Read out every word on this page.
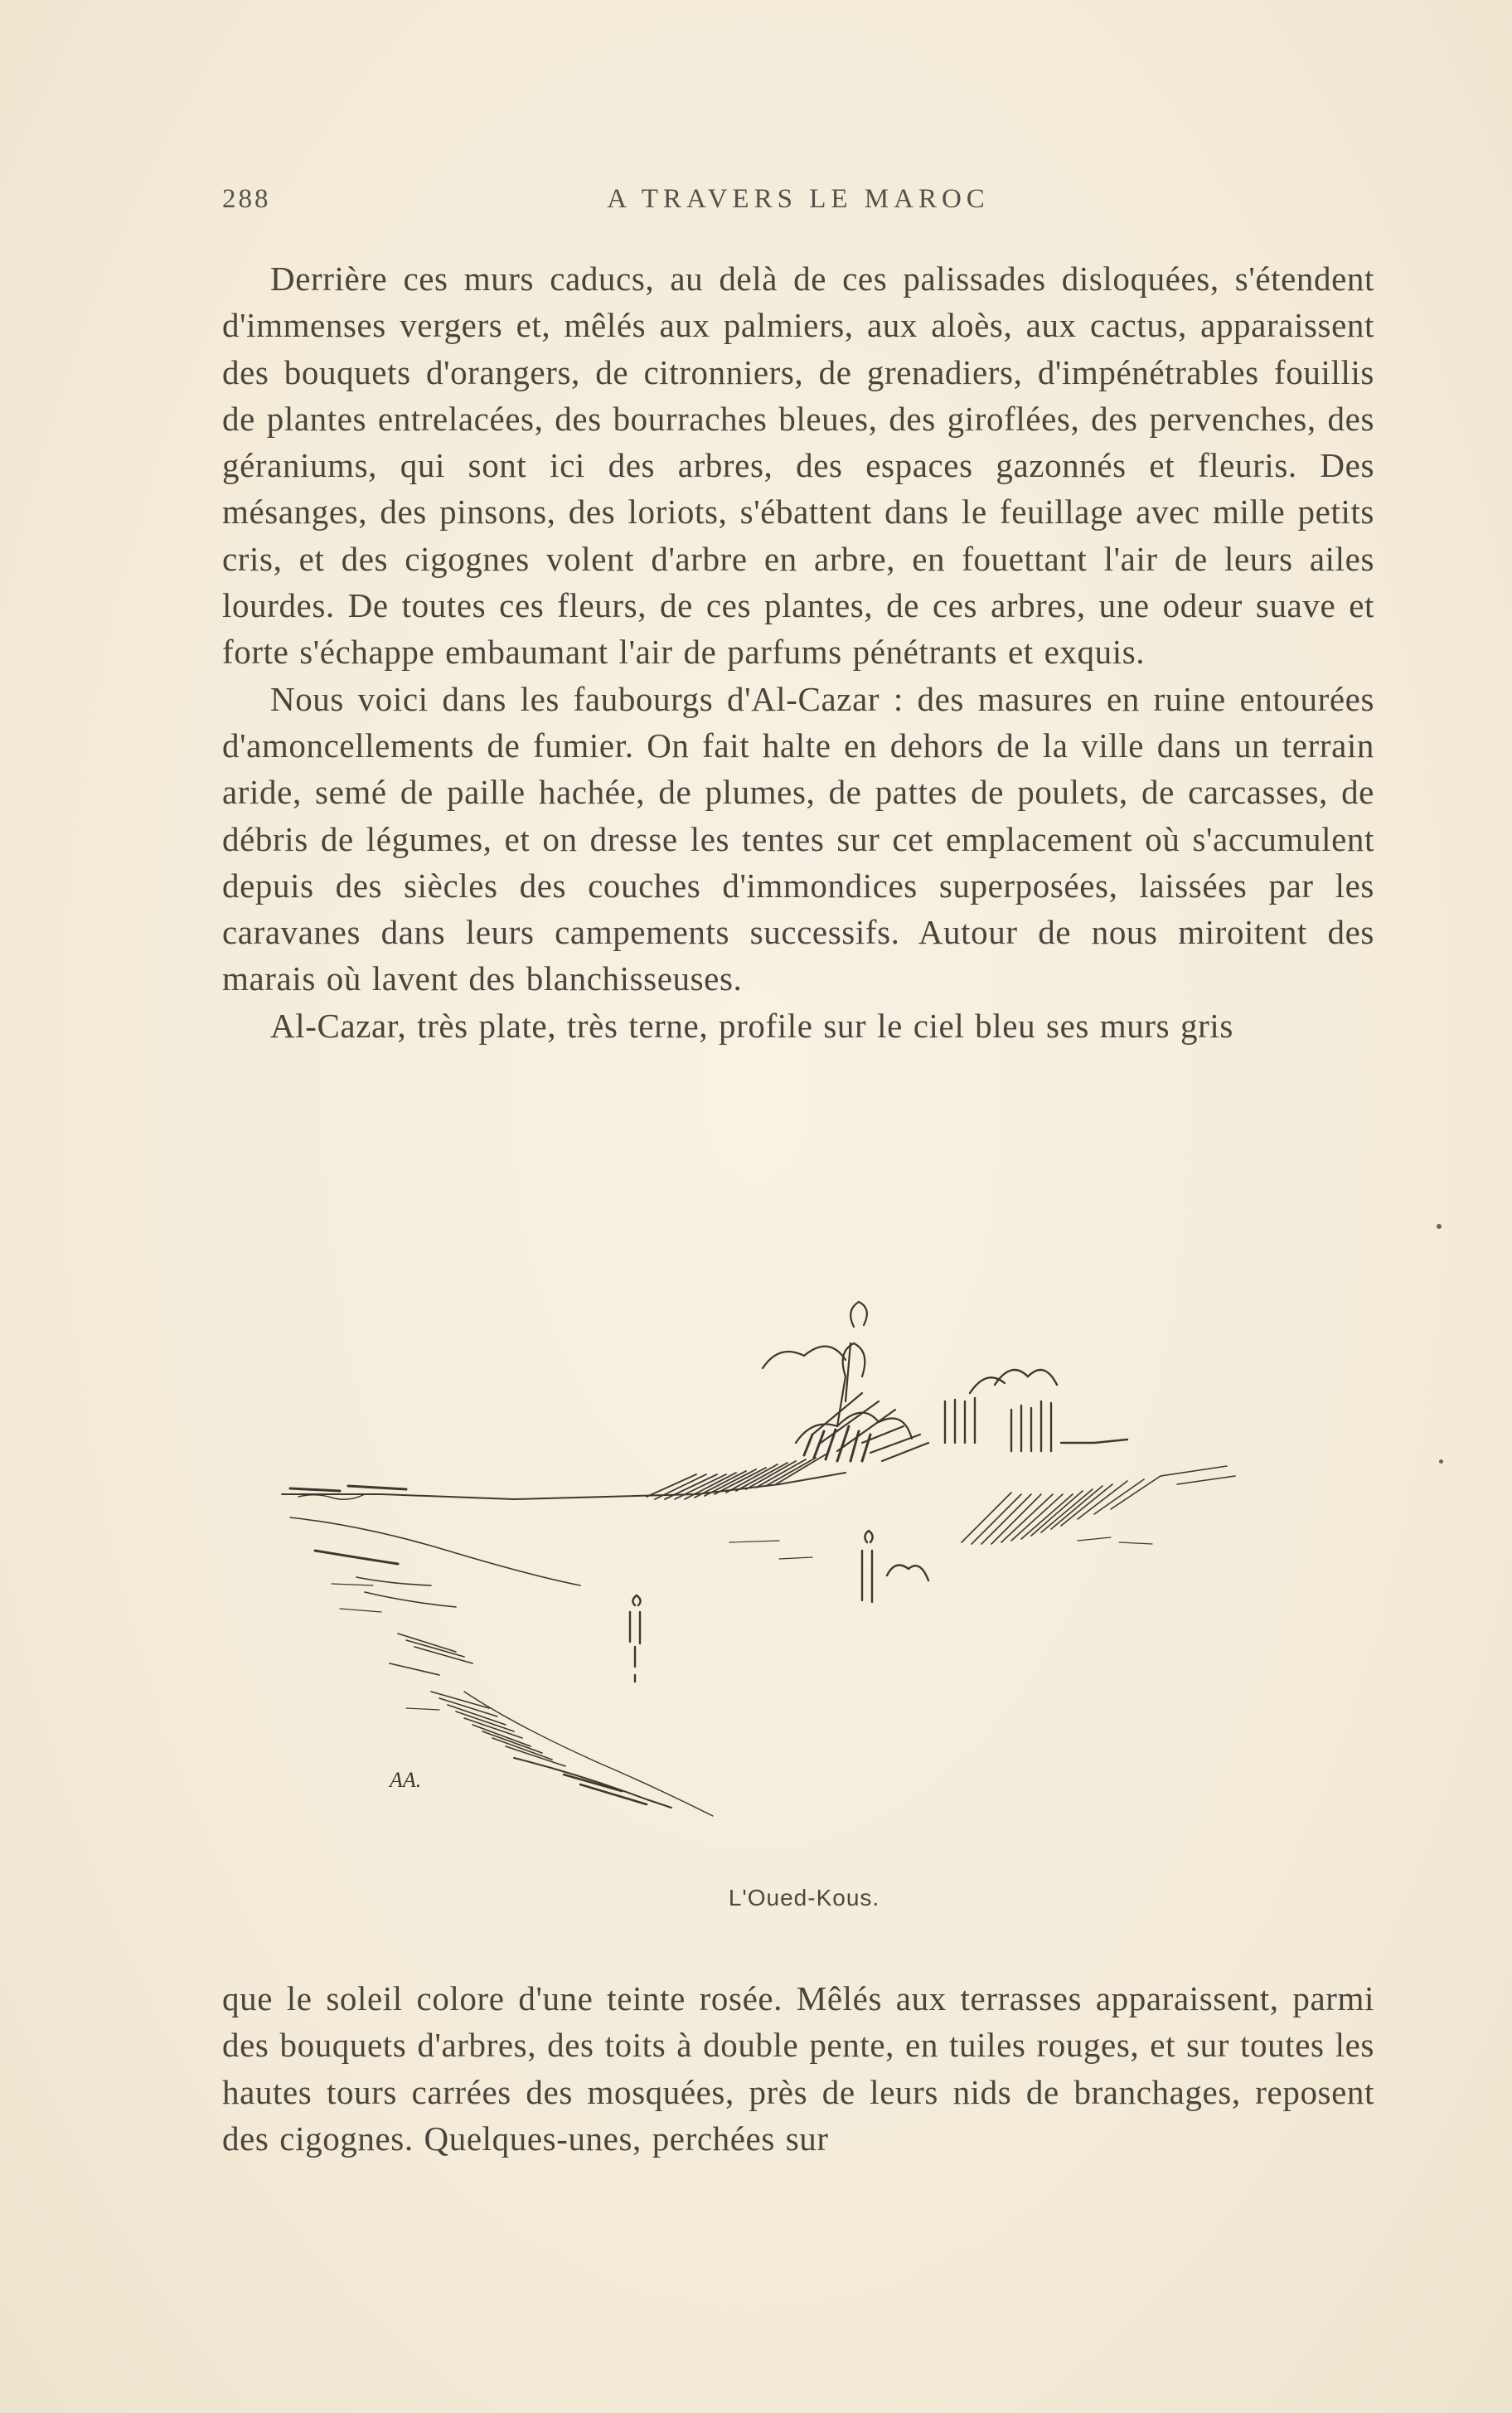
288	A TRAVERS LE MAROC

Derrière ces murs caducs, au delà de ces palissades disloquées, s'étendent d'immenses vergers et, mêlés aux palmiers, aux aloès, aux cactus, apparaissent des bouquets d'orangers, de citronniers, de grenadiers, d'impénétrables fouillis de plantes entrelacées, des bourraches bleues, des giroflées, des pervenches, des géraniums, qui sont ici des arbres, des espaces gazonnés et fleuris. Des mésanges, des pinsons, des loriots, s'ébattent dans le feuillage avec mille petits cris, et des cigognes volent d'arbre en arbre, en fouettant l'air de leurs ailes lourdes. De toutes ces fleurs, de ces plantes, de ces arbres, une odeur suave et forte s'échappe embaumant l'air de parfums pénétrants et exquis.

Nous voici dans les faubourgs d'Al-Cazar : des masures en ruine entourées d'amoncellements de fumier. On fait halte en dehors de la ville dans un terrain aride, semé de paille hachée, de plumes, de pattes de poulets, de carcasses, de débris de légumes, et on dresse les tentes sur cet emplacement où s'accumulent depuis des siècles des couches d'immondices superposées, laissées par les caravanes dans leurs campements successifs. Autour de nous miroitent des marais où lavent des blanchisseuses.

Al-Cazar, très plate, très terne, profile sur le ciel bleu ses murs gris

AA.
L'Oued-Kous.

que le soleil colore d'une teinte rosée. Mêlés aux terrasses apparaissent, parmi des bouquets d'arbres, des toits à double pente, en tuiles rouges, et sur toutes les hautes tours carrées des mosquées, près de leurs nids de branchages, reposent des cigognes. Quelques-unes, perchées sur
